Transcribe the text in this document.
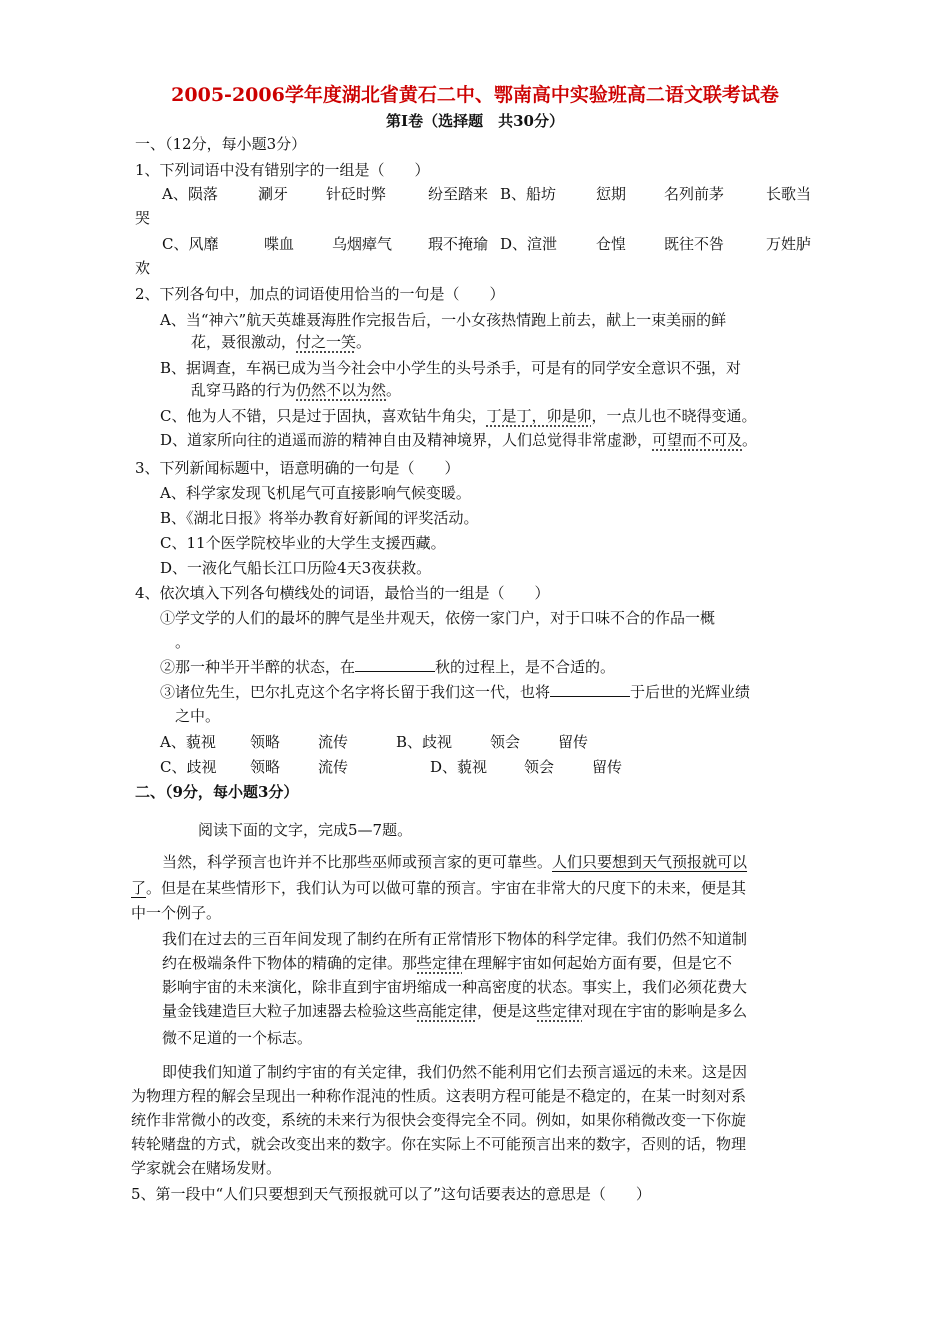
2005-2006学年度湖北省黄石二中、鄂南高中实验班高二语文联考试卷
第Ⅰ卷（选择题　共30分）
一、（12分，每小题3分）
1、下列词语中没有错别字的一组是（　　）
A、陨落	涮牙	针砭时弊	纷至踏来 B、船坊	愆期	名列前茅	长歌当
哭
C、风靡	喋血	乌烟瘴气 瑕不掩瑜 D、渲泄	仓惶	既往不咎	万姓胪
欢
2、下列各句中，加点的词语使用恰当的一句是（　　）
A、当“神六”航天英雄聂海胜作完报告后，一小女孩热情跑上前去，献上一束美丽的鲜
花，聂很激动，付之一笑。
B、据调查，车祸已成为当今社会中小学生的头号杀手，可是有的同学安全意识不强，对
乱穿马路的行为仍然不以为然。
C、他为人不错，只是过于固执，喜欢钻牛角尖，丁是丁，卯是卯，一点儿也不晓得变通。
D、道家所向往的逍遥而游的精神自由及精神境界，人们总觉得非常虚渺，可望而不可及。
3、下列新闻标题中，语意明确的一句是（　　）
A、科学家发现飞机尾气可直接影响气候变暖。
B、《湖北日报》将举办教育好新闻的评奖活动。
C、11个医学院校毕业的大学生支援西藏。
D、一液化气船长江口历险4天3夜获救。
4、依次填入下列各句横线处的词语，最恰当的一组是（　　）
①学文学的人们的最坏的脾气是坐井观天，依傍一家门户，对于口味不合的作品一概
。
②那一种半开半醉的状态，在	秋的过程上，是不合适的。
③诸位先生，巴尔扎克这个名字将长留于我们这一代，也将	于后世的光辉业绩
之中。
A、藐视 领略	流传	B、歧视	领会	留传
C、歧视 领略	流传	D、藐视 领会	留传
二、（9分，每小题3分）
阅读下面的文字，完成5—7题。
当然，科学预言也许并不比那些巫师或预言家的更可靠些。人们只要想到天气预报就可以
了。但是在某些情形下，我们认为可以做可靠的预言。宇宙在非常大的尺度下的未来，便是其
中一个例子。
我们在过去的三百年间发现了制约在所有正常情形下物体的科学定律。我们仍然不知道制
约在极端条件下物体的精确的定律。那些定律在理解宇宙如何起始方面有要，但是它不
影响宇宙的未来演化，除非直到宇宙坍缩成一种高密度的状态。事实上，我们必须花费大
量金钱建造巨大粒子加速器去检验这些高能定律，便是这些定律对现在宇宙的影响是多么
微不足道的一个标志。
即使我们知道了制约宇宙的有关定律，我们仍然不能利用它们去预言遥远的未来。这是因
为物理方程的解会呈现出一种称作混沌的性质。这表明方程可能是不稳定的，在某一时刻对系
统作非常微小的改变，系统的未来行为很快会变得完全不同。例如，如果你稍微改变一下你旋
转轮赌盘的方式，就会改变出来的数字。你在实际上不可能预言出来的数字，否则的话，物理
学家就会在赌场发财。
5、第一段中“人们只要想到天气预报就可以了”这句话要表达的意思是（　　）
